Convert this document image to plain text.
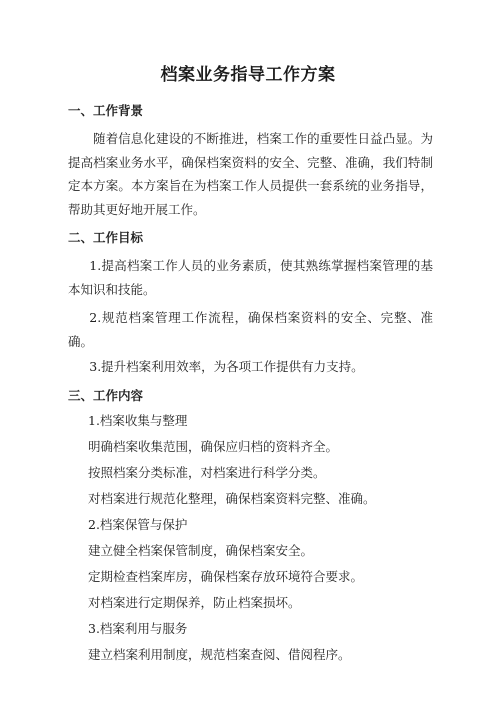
档案业务指导工作方案
一、工作背景
随着信息化建设的不断推进，档案工作的重要性日益凸显。为提高档案业务水平，确保档案资料的安全、完整、准确，我们特制定本方案。本方案旨在为档案工作人员提供一套系统的业务指导，帮助其更好地开展工作。
二、工作目标
1.提高档案工作人员的业务素质，使其熟练掌握档案管理的基本知识和技能。
2.规范档案管理工作流程，确保档案资料的安全、完整、准确。
3.提升档案利用效率，为各项工作提供有力支持。
三、工作内容
1.档案收集与整理
明确档案收集范围，确保应归档的资料齐全。
按照档案分类标准，对档案进行科学分类。
对档案进行规范化整理，确保档案资料完整、准确。
2.档案保管与保护
建立健全档案保管制度，确保档案安全。
定期检查档案库房，确保档案存放环境符合要求。
对档案进行定期保养，防止档案损坏。
3.档案利用与服务
建立档案利用制度，规范档案查阅、借阅程序。
